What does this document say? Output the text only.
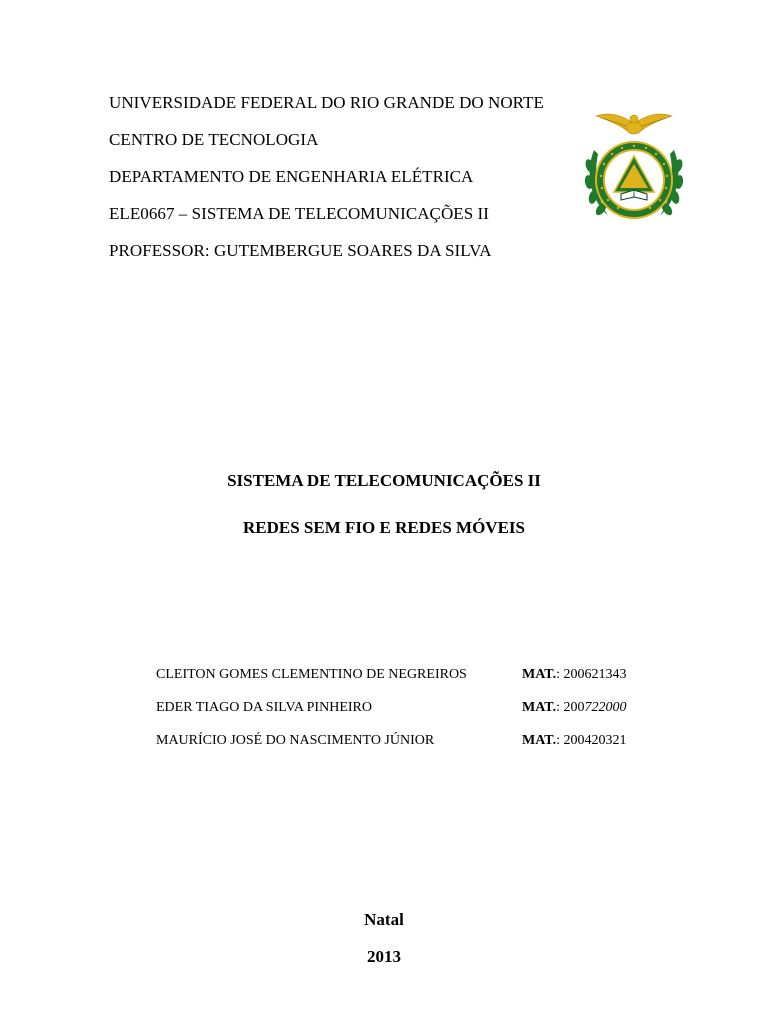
UNIVERSIDADE FEDERAL DO RIO GRANDE DO NORTE
CENTRO DE TECNOLOGIA
DEPARTAMENTO DE ENGENHARIA ELÉTRICA
ELE0667 – SISTEMA DE TELECOMUNICAÇÕES II
PROFESSOR: GUTEMBERGUE SOARES DA SILVA
SISTEMA DE TELECOMUNICAÇÕES II
REDES SEM FIO E REDES MÓVEIS
CLEITON GOMES CLEMENTINO DE NEGREIROS	MAT.: 200621343
EDER TIAGO DA SILVA PINHEIRO	MAT.: 200722000
MAURÍCIO JOSÉ DO NASCIMENTO JÚNIOR	MAT.: 200420321
Natal
2013
